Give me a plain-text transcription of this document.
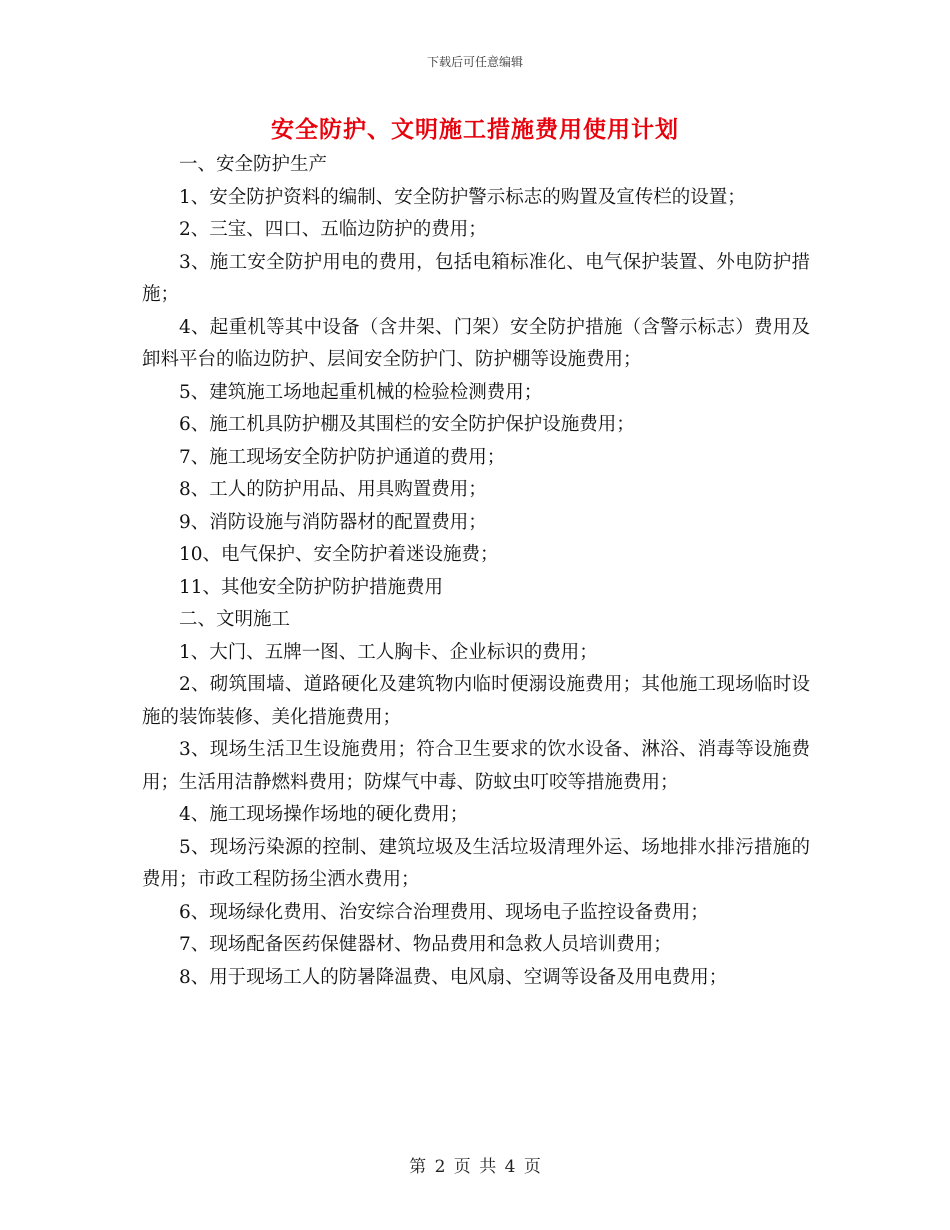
下载后可任意编辑
安全防护、文明施工措施费用使用计划

一、安全防护生产

1、安全防护资料的编制、安全防护警示标志的购置及宣传栏的设置；

2、三宝、四口、五临边防护的费用；

3、施工安全防护用电的费用，包括电箱标准化、电气保护装置、外电防护措施；

4、起重机等其中设备（含井架、门架）安全防护措施（含警示标志）费用及卸料平台的临边防护、层间安全防护门、防护棚等设施费用；

5、建筑施工场地起重机械的检验检测费用；

6、施工机具防护棚及其围栏的安全防护保护设施费用；

7、施工现场安全防护防护通道的费用；

8、工人的防护用品、用具购置费用；

9、消防设施与消防器材的配置费用；

10、电气保护、安全防护着迷设施费；

11、其他安全防护防护措施费用

二、文明施工

1、大门、五牌一图、工人胸卡、企业标识的费用；

2、砌筑围墙、道路硬化及建筑物内临时便溺设施费用；其他施工现场临时设施的装饰装修、美化措施费用；

3、现场生活卫生设施费用；符合卫生要求的饮水设备、淋浴、消毒等设施费用；生活用洁静燃料费用；防煤气中毒、防蚊虫叮咬等措施费用；

4、施工现场操作场地的硬化费用；

5、现场污染源的控制、建筑垃圾及生活垃圾清理外运、场地排水排污措施的费用；市政工程防扬尘洒水费用；

6、现场绿化费用、治安综合治理费用、现场电子监控设备费用；

7、现场配备医药保健器材、物品费用和急救人员培训费用；

8、用于现场工人的防暑降温费、电风扇、空调等设备及用电费用；

第 2 页 共 4 页
